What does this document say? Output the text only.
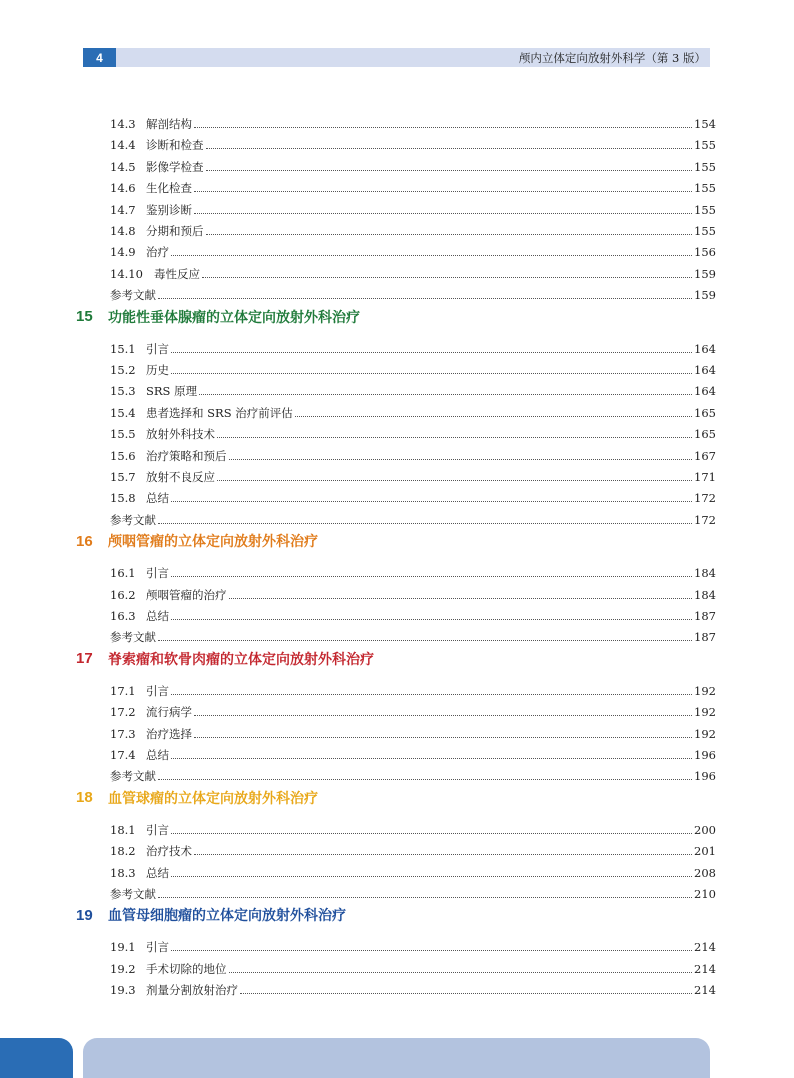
4	颅内立体定向放射外科学（第 3 版）
14.3 解剖结构	154
14.4 诊断和检查	155
14.5 影像学检查	155
14.6 生化检查	155
14.7 鉴别诊断	155
14.8 分期和预后	155
14.9 治疗	156
14.10 毒性反应	159
参考文献	159
15	功能性垂体腺瘤的立体定向放射外科治疗
15.1 引言	164
15.2 历史	164
15.3 SRS 原理	164
15.4 患者选择和 SRS 治疗前评估	165
15.5 放射外科技术	165
15.6 治疗策略和预后	167
15.7 放射不良反应	171
15.8 总结	172
参考文献	172
16	颅咽管瘤的立体定向放射外科治疗
16.1 引言	184
16.2 颅咽管瘤的治疗	184
16.3 总结	187
参考文献	187
17	脊索瘤和软骨肉瘤的立体定向放射外科治疗
17.1 引言	192
17.2 流行病学	192
17.3 治疗选择	192
17.4 总结	196
参考文献	196
18	血管球瘤的立体定向放射外科治疗
18.1 引言	200
18.2 治疗技术	201
18.3 总结	208
参考文献	210
19	血管母细胞瘤的立体定向放射外科治疗
19.1 引言	214
19.2 手术切除的地位	214
19.3 剂量分割放射治疗	214
